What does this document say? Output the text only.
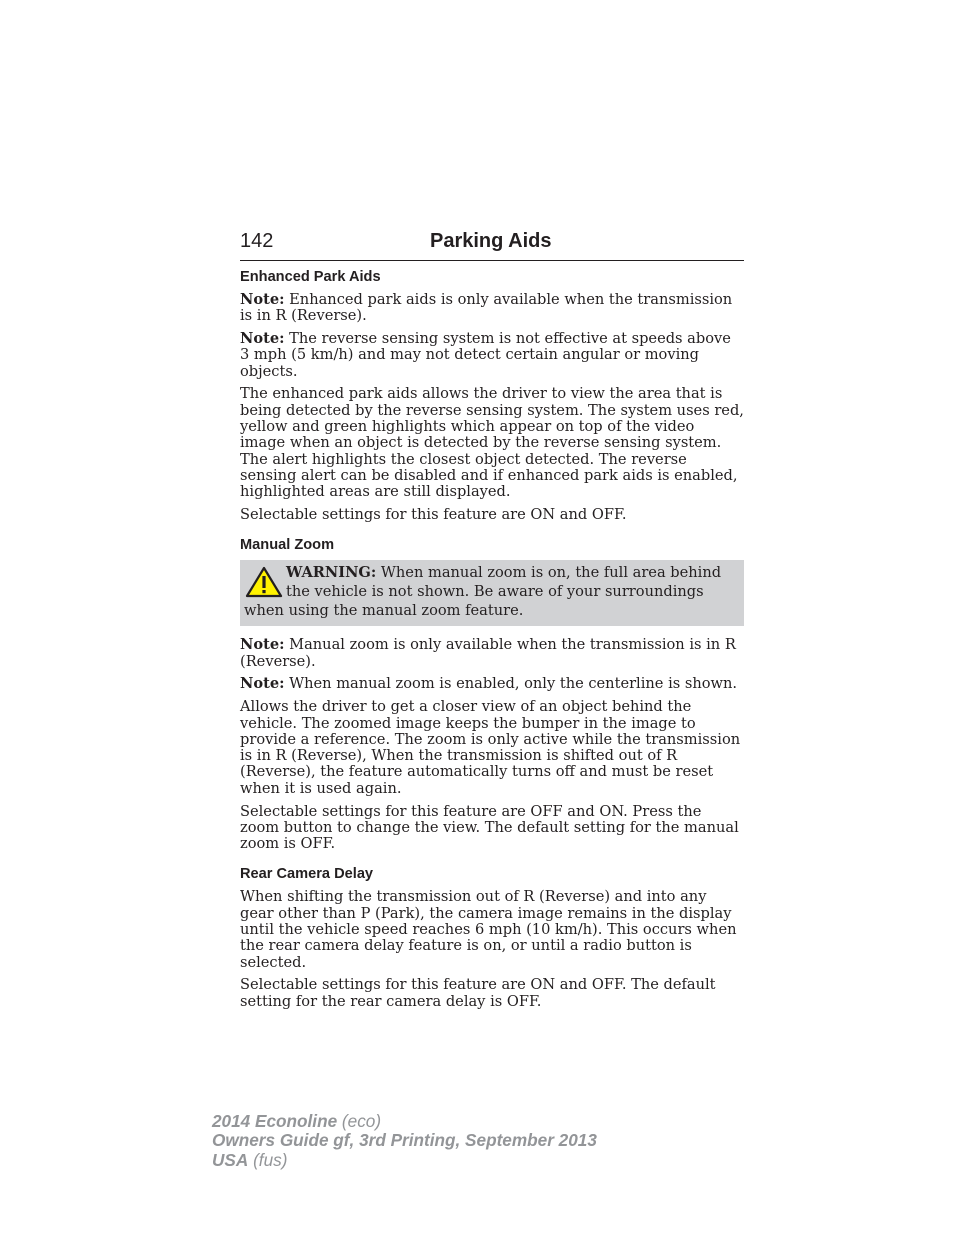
142	Parking Aids
Enhanced Park Aids

Note: Enhanced park aids is only available when the transmission is in R (Reverse).

Note: The reverse sensing system is not effective at speeds above 3 mph (5 km/h) and may not detect certain angular or moving objects.

The enhanced park aids allows the driver to view the area that is being detected by the reverse sensing system. The system uses red, yellow and green highlights which appear on top of the video image when an object is detected by the reverse sensing system. The alert highlights the closest object detected. The reverse sensing alert can be disabled and if enhanced park aids is enabled, highlighted areas are still displayed.

Selectable settings for this feature are ON and OFF.

Manual Zoom
WARNING: When manual zoom is on, the full area behind the vehicle is not shown. Be aware of your surroundings when using the manual zoom feature.

Note: Manual zoom is only available when the transmission is in R (Reverse).

Note: When manual zoom is enabled, only the centerline is shown.

Allows the driver to get a closer view of an object behind the vehicle. The zoomed image keeps the bumper in the image to provide a reference. The zoom is only active while the transmission is in R (Reverse), When the transmission is shifted out of R (Reverse), the feature automatically turns off and must be reset when it is used again.

Selectable settings for this feature are OFF and ON. Press the zoom button to change the view. The default setting for the manual zoom is OFF.

Rear Camera Delay

When shifting the transmission out of R (Reverse) and into any gear other than P (Park), the camera image remains in the display until the vehicle speed reaches 6 mph (10 km/h). This occurs when the rear camera delay feature is on, or until a radio button is selected.

Selectable settings for this feature are ON and OFF. The default setting for the rear camera delay is OFF.

2014 Econoline (eco)
Owners Guide gf, 3rd Printing, September 2013
USA (fus)
